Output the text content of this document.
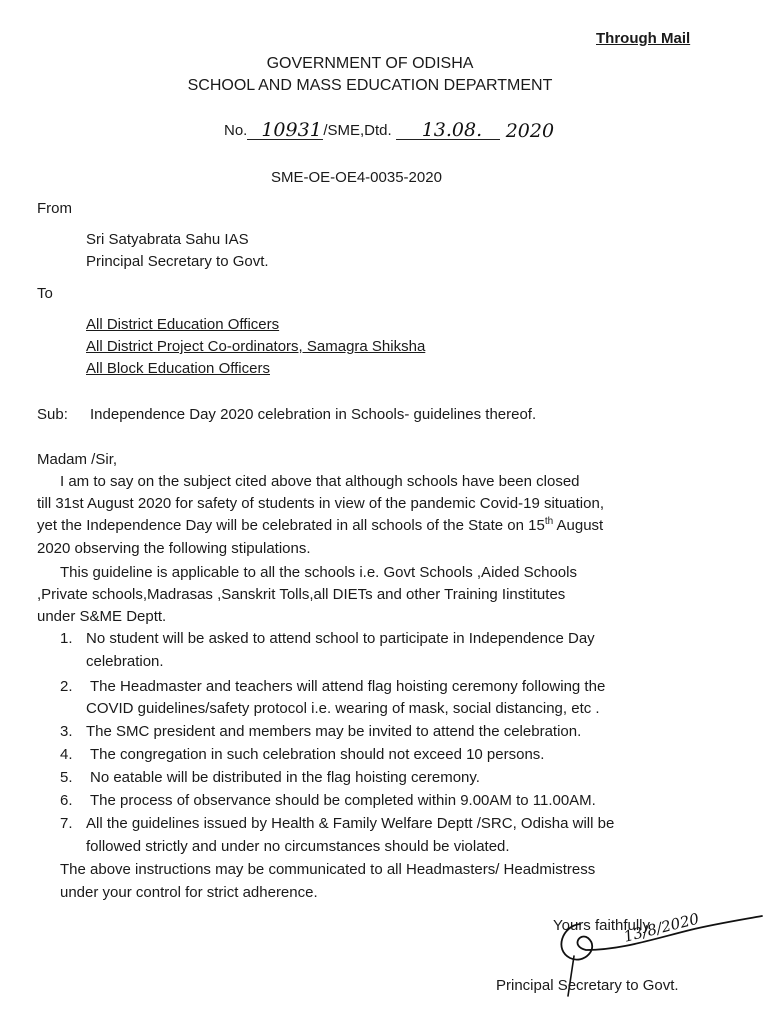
Through Mail
GOVERNMENT OF ODISHA
SCHOOL AND MASS EDUCATION DEPARTMENT
No. 10931 /SME,Dtd. 13.08. 2020
SME-OE-OE4-0035-2020
From
Sri Satyabrata Sahu IAS
Principal Secretary to Govt.
To
All District Education Officers
All District Project Co-ordinators, Samagra Shiksha
All Block Education Officers
Sub: Independence Day 2020 celebration in Schools- guidelines thereof.
Madam /Sir,
I am to say on the subject cited above that although schools have been closed
till 31st August 2020 for safety of students in view of the pandemic Covid-19 situation,
yet the Independence Day will be celebrated in all schools of the State on 15th August
2020 observing the following stipulations.
This guideline is applicable to all the schools i.e. Govt Schools ,Aided Schools
,Private schools,Madrasas ,Sanskrit Tolls,all DIETs and other Training Iinstitutes
under S&ME Deptt.
1. No student will be asked to attend school to participate in Independence Day
celebration.
2. The Headmaster and teachers will attend flag hoisting ceremony following the
COVID guidelines/safety protocol i.e. wearing of mask, social distancing, etc .
3. The SMC president and members may be invited to attend the celebration.
4. The congregation in such celebration should not exceed 10 persons.
5. No eatable will be distributed in the flag hoisting ceremony.
6. The process of observance should be completed within 9.00AM to 11.00AM.
7. All the guidelines issued by Health & Family Welfare Deptt /SRC, Odisha will be
followed strictly and under no circumstances should be violated.
The above instructions may be communicated to all Headmasters/ Headmistress
under your control for strict adherence.
Yours faithfully
13/8/2020
Principal Secretary to Govt.
